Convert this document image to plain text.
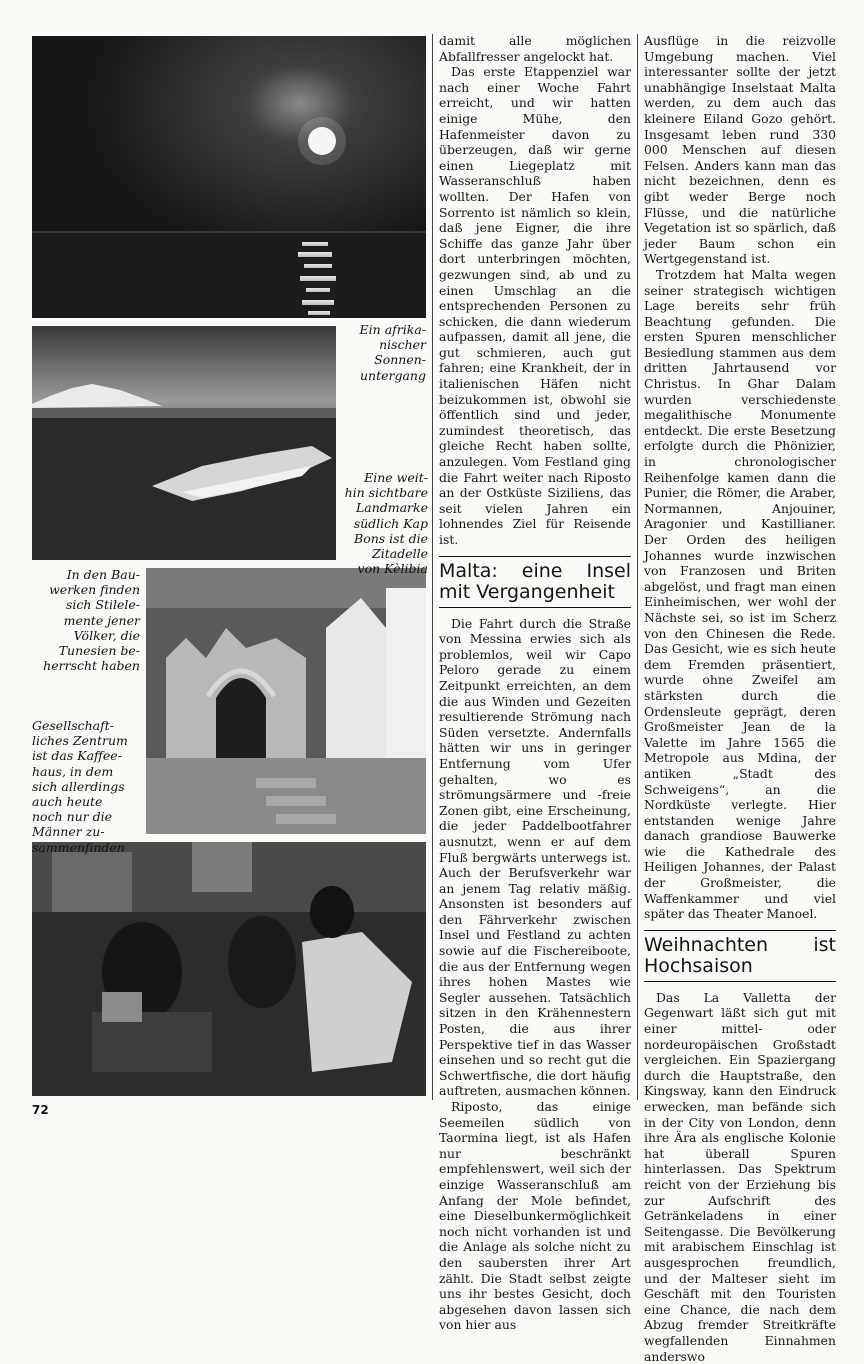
Ein afrika-
nischer
Sonnen-
untergang
Eine weit-
hin sichtbare
Landmarke
südlich Kap
Bons ist die
Zitadelle
von Kèlibia
In den Bau-
werken finden
sich Stilele-
mente jener
Völker, die
Tunesien be-
herrscht haben
Gesellschaft-
liches Zentrum
ist das Kaffee-
haus, in dem
sich allerdings
auch heute
noch nur die
Männer zu-
sammenfinden

damit alle möglichen Abfallfresser angelockt hat.

Das erste Etappenziel war nach einer Woche Fahrt erreicht, und wir hatten einige Mühe, den Hafenmeister davon zu überzeugen, daß wir gerne einen Liegeplatz mit Wasseranschluß haben wollten. Der Hafen von Sorrento ist nämlich so klein, daß jene Eigner, die ihre Schiffe das ganze Jahr über dort unterbringen möchten, gezwungen sind, ab und zu einen Umschlag an die entsprechenden Personen zu schicken, die dann wiederum aufpassen, damit all jene, die gut schmieren, auch gut fahren; eine Krankheit, der in italienischen Häfen nicht beizukommen ist, obwohl sie öffentlich sind und jeder, zumindest theoretisch, das gleiche Recht haben sollte, anzulegen. Vom Festland ging die Fahrt weiter nach Riposto an der Ostküste Siziliens, das seit vielen Jahren ein lohnendes Ziel für Reisende ist.

Malta: eine Insel mit Vergangenheit

Die Fahrt durch die Straße von Messina erwies sich als problemlos, weil wir Capo Peloro gerade zu einem Zeitpunkt erreichten, an dem die aus Winden und Gezeiten resultierende Strömung nach Süden versetzte. Andernfalls hätten wir uns in geringer Entfernung vom Ufer gehalten, wo es strömungsärmere und -freie Zonen gibt, eine Erscheinung, die jeder Paddelbootfahrer ausnutzt, wenn er auf dem Fluß bergwärts unterwegs ist. Auch der Berufsverkehr war an jenem Tag relativ mäßig. Ansonsten ist besonders auf den Fährverkehr zwischen Insel und Festland zu achten sowie auf die Fischereiboote, die aus der Entfernung wegen ihres hohen Mastes wie Segler aussehen. Tatsächlich sitzen in den Krähennestern Posten, die aus ihrer Perspektive tief in das Wasser einsehen und so recht gut die Schwertfische, die dort häufig auftreten, ausmachen können.

Riposto, das einige Seemeilen südlich von Taormina liegt, ist als Hafen nur beschränkt empfehlenswert, weil sich der einzige Wasseranschluß am Anfang der Mole befindet, eine Dieselbunkermöglichkeit noch nicht vorhanden ist und die Anlage als solche nicht zu den saubersten ihrer Art zählt. Die Stadt selbst zeigte uns ihr bestes Gesicht, doch abgesehen davon lassen sich von hier aus

Ausflüge in die reizvolle Umgebung machen. Viel interessanter sollte der jetzt unabhängige Inselstaat Malta werden, zu dem auch das kleinere Eiland Gozo gehört. Insgesamt leben rund 330 000 Menschen auf diesen Felsen. Anders kann man das nicht bezeichnen, denn es gibt weder Berge noch Flüsse, und die natürliche Vegetation ist so spärlich, daß jeder Baum schon ein Wertgegenstand ist.

Trotzdem hat Malta wegen seiner strategisch wichtigen Lage bereits sehr früh Beachtung gefunden. Die ersten Spuren menschlicher Besiedlung stammen aus dem dritten Jahrtausend vor Christus. In Ghar Dalam wurden verschiedenste megalithische Monumente entdeckt. Die erste Besetzung erfolgte durch die Phönizier, in chronologischer Reihenfolge kamen dann die Punier, die Römer, die Araber, Normannen, Anjouiner, Aragonier und Kastillianer. Der Orden des heiligen Johannes wurde inzwischen von Franzosen und Briten abgelöst, und fragt man einen Einheimischen, wer wohl der Nächste sei, so ist im Scherz von den Chinesen die Rede. Das Gesicht, wie es sich heute dem Fremden präsentiert, wurde ohne Zweifel am stärksten durch die Ordensleute geprägt, deren Großmeister Jean de la Valette im Jahre 1565 die Metropole aus Mdina, der antiken „Stadt des Schweigens“, an die Nordküste verlegte. Hier entstanden wenige Jahre danach grandiose Bauwerke wie die Kathedrale des Heiligen Johannes, der Palast der Großmeister, die Waffenkammer und viel später das Theater Manoel.

Weihnachten ist Hochsaison

Das La Valletta der Gegenwart läßt sich gut mit einer mittel- oder nordeuropäischen Großstadt vergleichen. Ein Spaziergang durch die Hauptstraße, den Kingsway, kann den Eindruck erwecken, man befände sich in der City von London, denn ihre Ära als englische Kolonie hat überall Spuren hinterlassen. Das Spektrum reicht von der Erziehung bis zur Aufschrift des Getränkeladens in einer Seitengasse. Die Bevölkerung mit arabischem Einschlag ist ausgesprochen freundlich, und der Malteser sieht im Geschäft mit den Touristen eine Chance, die nach dem Abzug fremder Streitkräfte wegfallenden Einnahmen anderswo

72
